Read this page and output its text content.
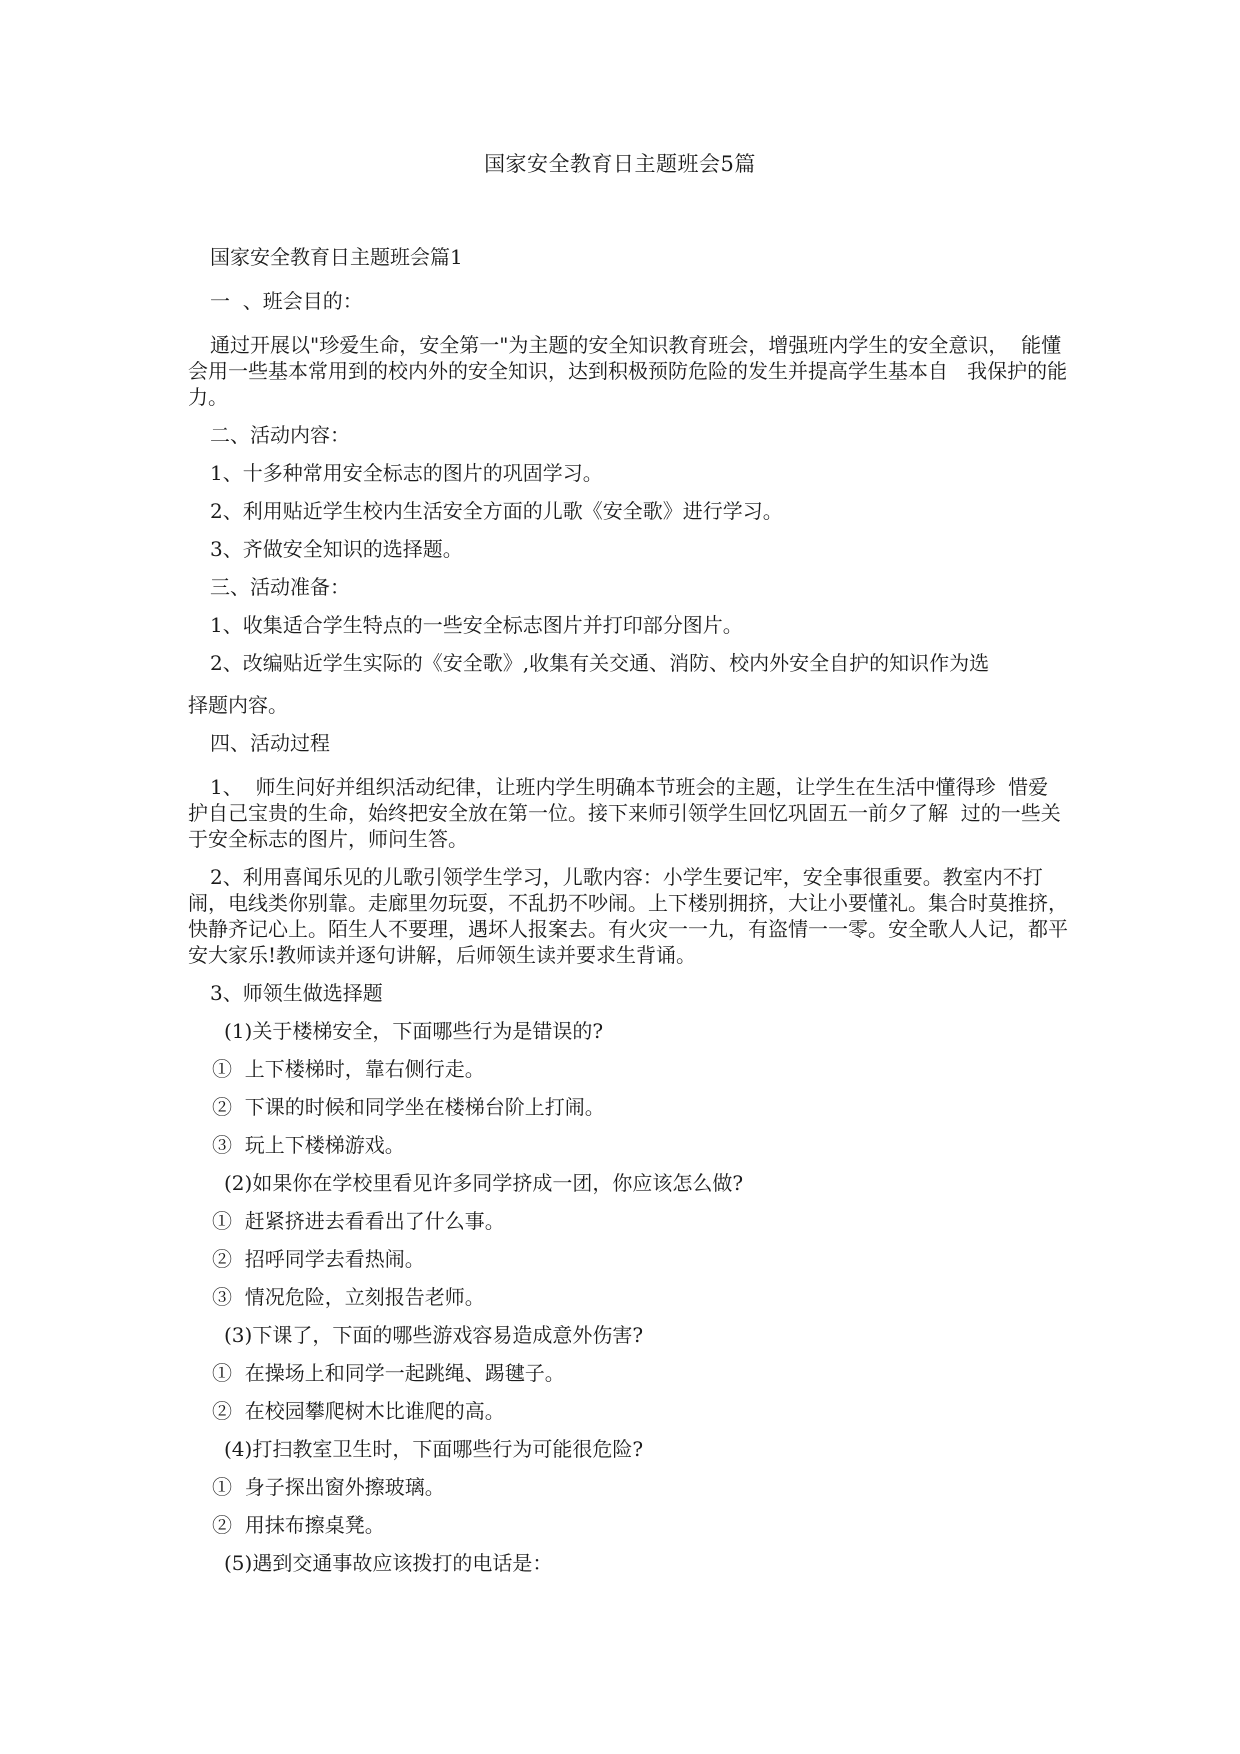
国家安全教育日主题班会5篇

国家安全教育日主题班会篇1

一  、班会目的：

通过开展以"珍爱生命，安全第一"为主题的安全知识教育班会，增强班内学生的安全意识，  能懂会用一些基本常用到的校内外的安全知识，达到积极预防危险的发生并提高学生基本自   我保护的能力。

二、活动内容：

1、十多种常用安全标志的图片的巩固学习。

2、利用贴近学生校内生活安全方面的儿歌《安全歌》进行学习。

3、齐做安全知识的选择题。

三、活动准备：

1、收集适合学生特点的一些安全标志图片并打印部分图片。

2、改编贴近学生实际的《安全歌》,收集有关交通、消防、校内外安全自护的知识作为选

择题内容。

四、活动过程

1、  师生问好并组织活动纪律，让班内学生明确本节班会的主题，让学生在生活中懂得珍  惜爱护自己宝贵的生命，始终把安全放在第一位。接下来师引领学生回忆巩固五一前夕了解  过的一些关于安全标志的图片，师问生答。

2、利用喜闻乐见的儿歌引领学生学习，儿歌内容：小学生要记牢，安全事很重要。教室内不打闹，电线类你别靠。走廊里勿玩耍，不乱扔不吵闹。上下楼别拥挤，大让小要懂礼。集合时莫推挤，快静齐记心上。陌生人不要理，遇坏人报案去。有火灾一一九，有盗情一一零。安全歌人人记，都平安大家乐!教师读并逐句讲解，后师领生读并要求生背诵。

3、师领生做选择题

(1)关于楼梯安全，下面哪些行为是错误的?

①  上下楼梯时，靠右侧行走。

②  下课的时候和同学坐在楼梯台阶上打闹。

③  玩上下楼梯游戏。

(2)如果你在学校里看见许多同学挤成一团，你应该怎么做?

①  赶紧挤进去看看出了什么事。

②  招呼同学去看热闹。

③  情况危险，立刻报告老师。

(3)下课了，下面的哪些游戏容易造成意外伤害?

①  在操场上和同学一起跳绳、踢毽子。

②  在校园攀爬树木比谁爬的高。

(4)打扫教室卫生时，下面哪些行为可能很危险?

①  身子探出窗外擦玻璃。

②  用抹布擦桌凳。

(5)遇到交通事故应该拨打的电话是：
